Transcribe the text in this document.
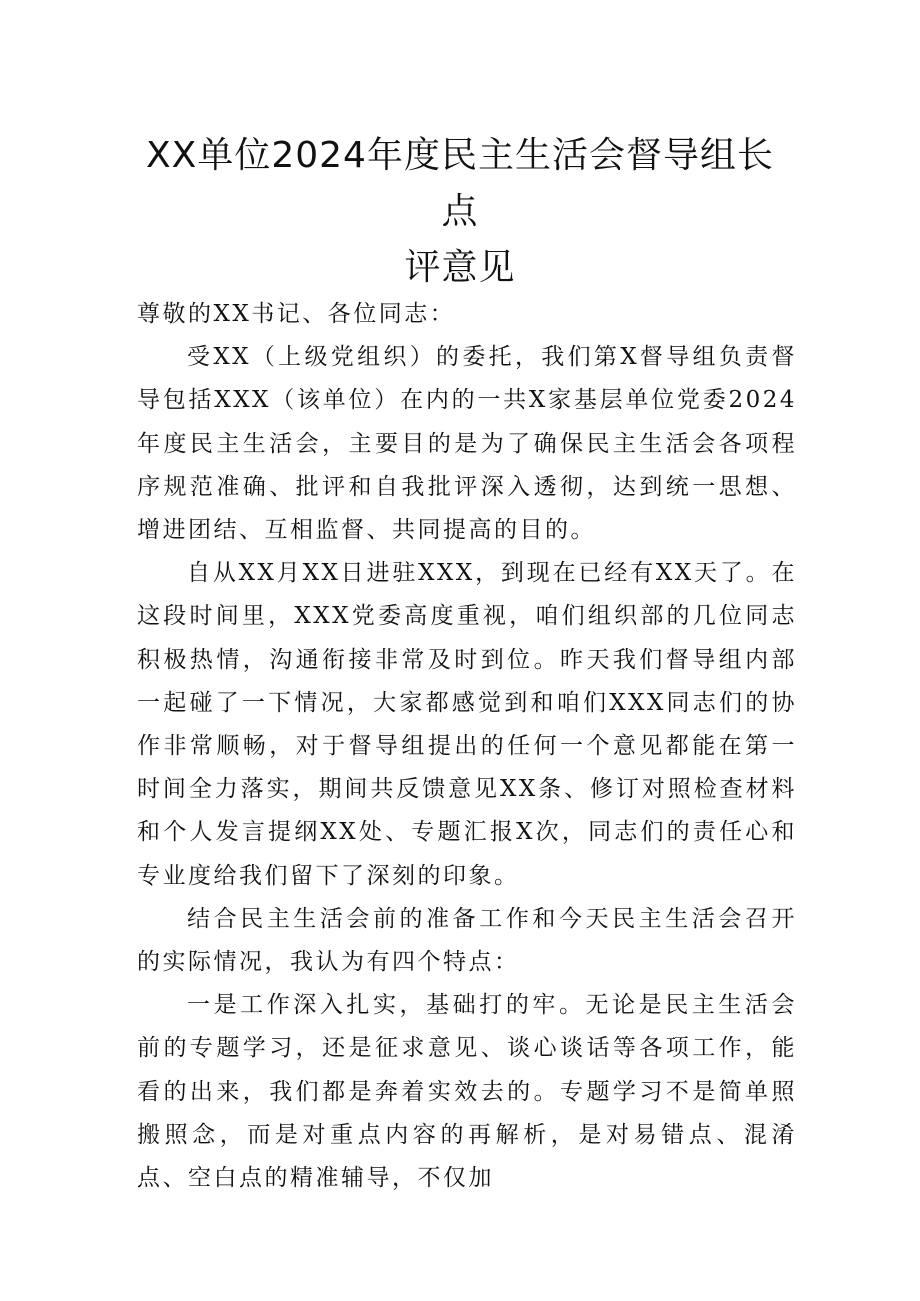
XX单位2024年度民主生活会督导组长点
评意见

尊敬的XX书记、各位同志：

受XX（上级党组织）的委托，我们第X督导组负责督导包括XXX（该单位）在内的一共X家基层单位党委2024年度民主生活会，主要目的是为了确保民主生活会各项程序规范准确、批评和自我批评深入透彻，达到统一思想、增进团结、互相监督、共同提高的目的。

自从XX月XX日进驻XXX，到现在已经有XX天了。在这段时间里，XXX党委高度重视，咱们组织部的几位同志积极热情，沟通衔接非常及时到位。昨天我们督导组内部一起碰了一下情况，大家都感觉到和咱们XXX同志们的协作非常顺畅，对于督导组提出的任何一个意见都能在第一时间全力落实，期间共反馈意见XX条、修订对照检查材料和个人发言提纲XX处、专题汇报X次，同志们的责任心和专业度给我们留下了深刻的印象。

结合民主生活会前的准备工作和今天民主生活会召开的实际情况，我认为有四个特点：

一是工作深入扎实，基础打的牢。无论是民主生活会前的专题学习，还是征求意见、谈心谈话等各项工作，能看的出来，我们都是奔着实效去的。专题学习不是简单照搬照念，而是对重点内容的再解析，是对易错点、混淆点、空白点的精准辅导，不仅加
